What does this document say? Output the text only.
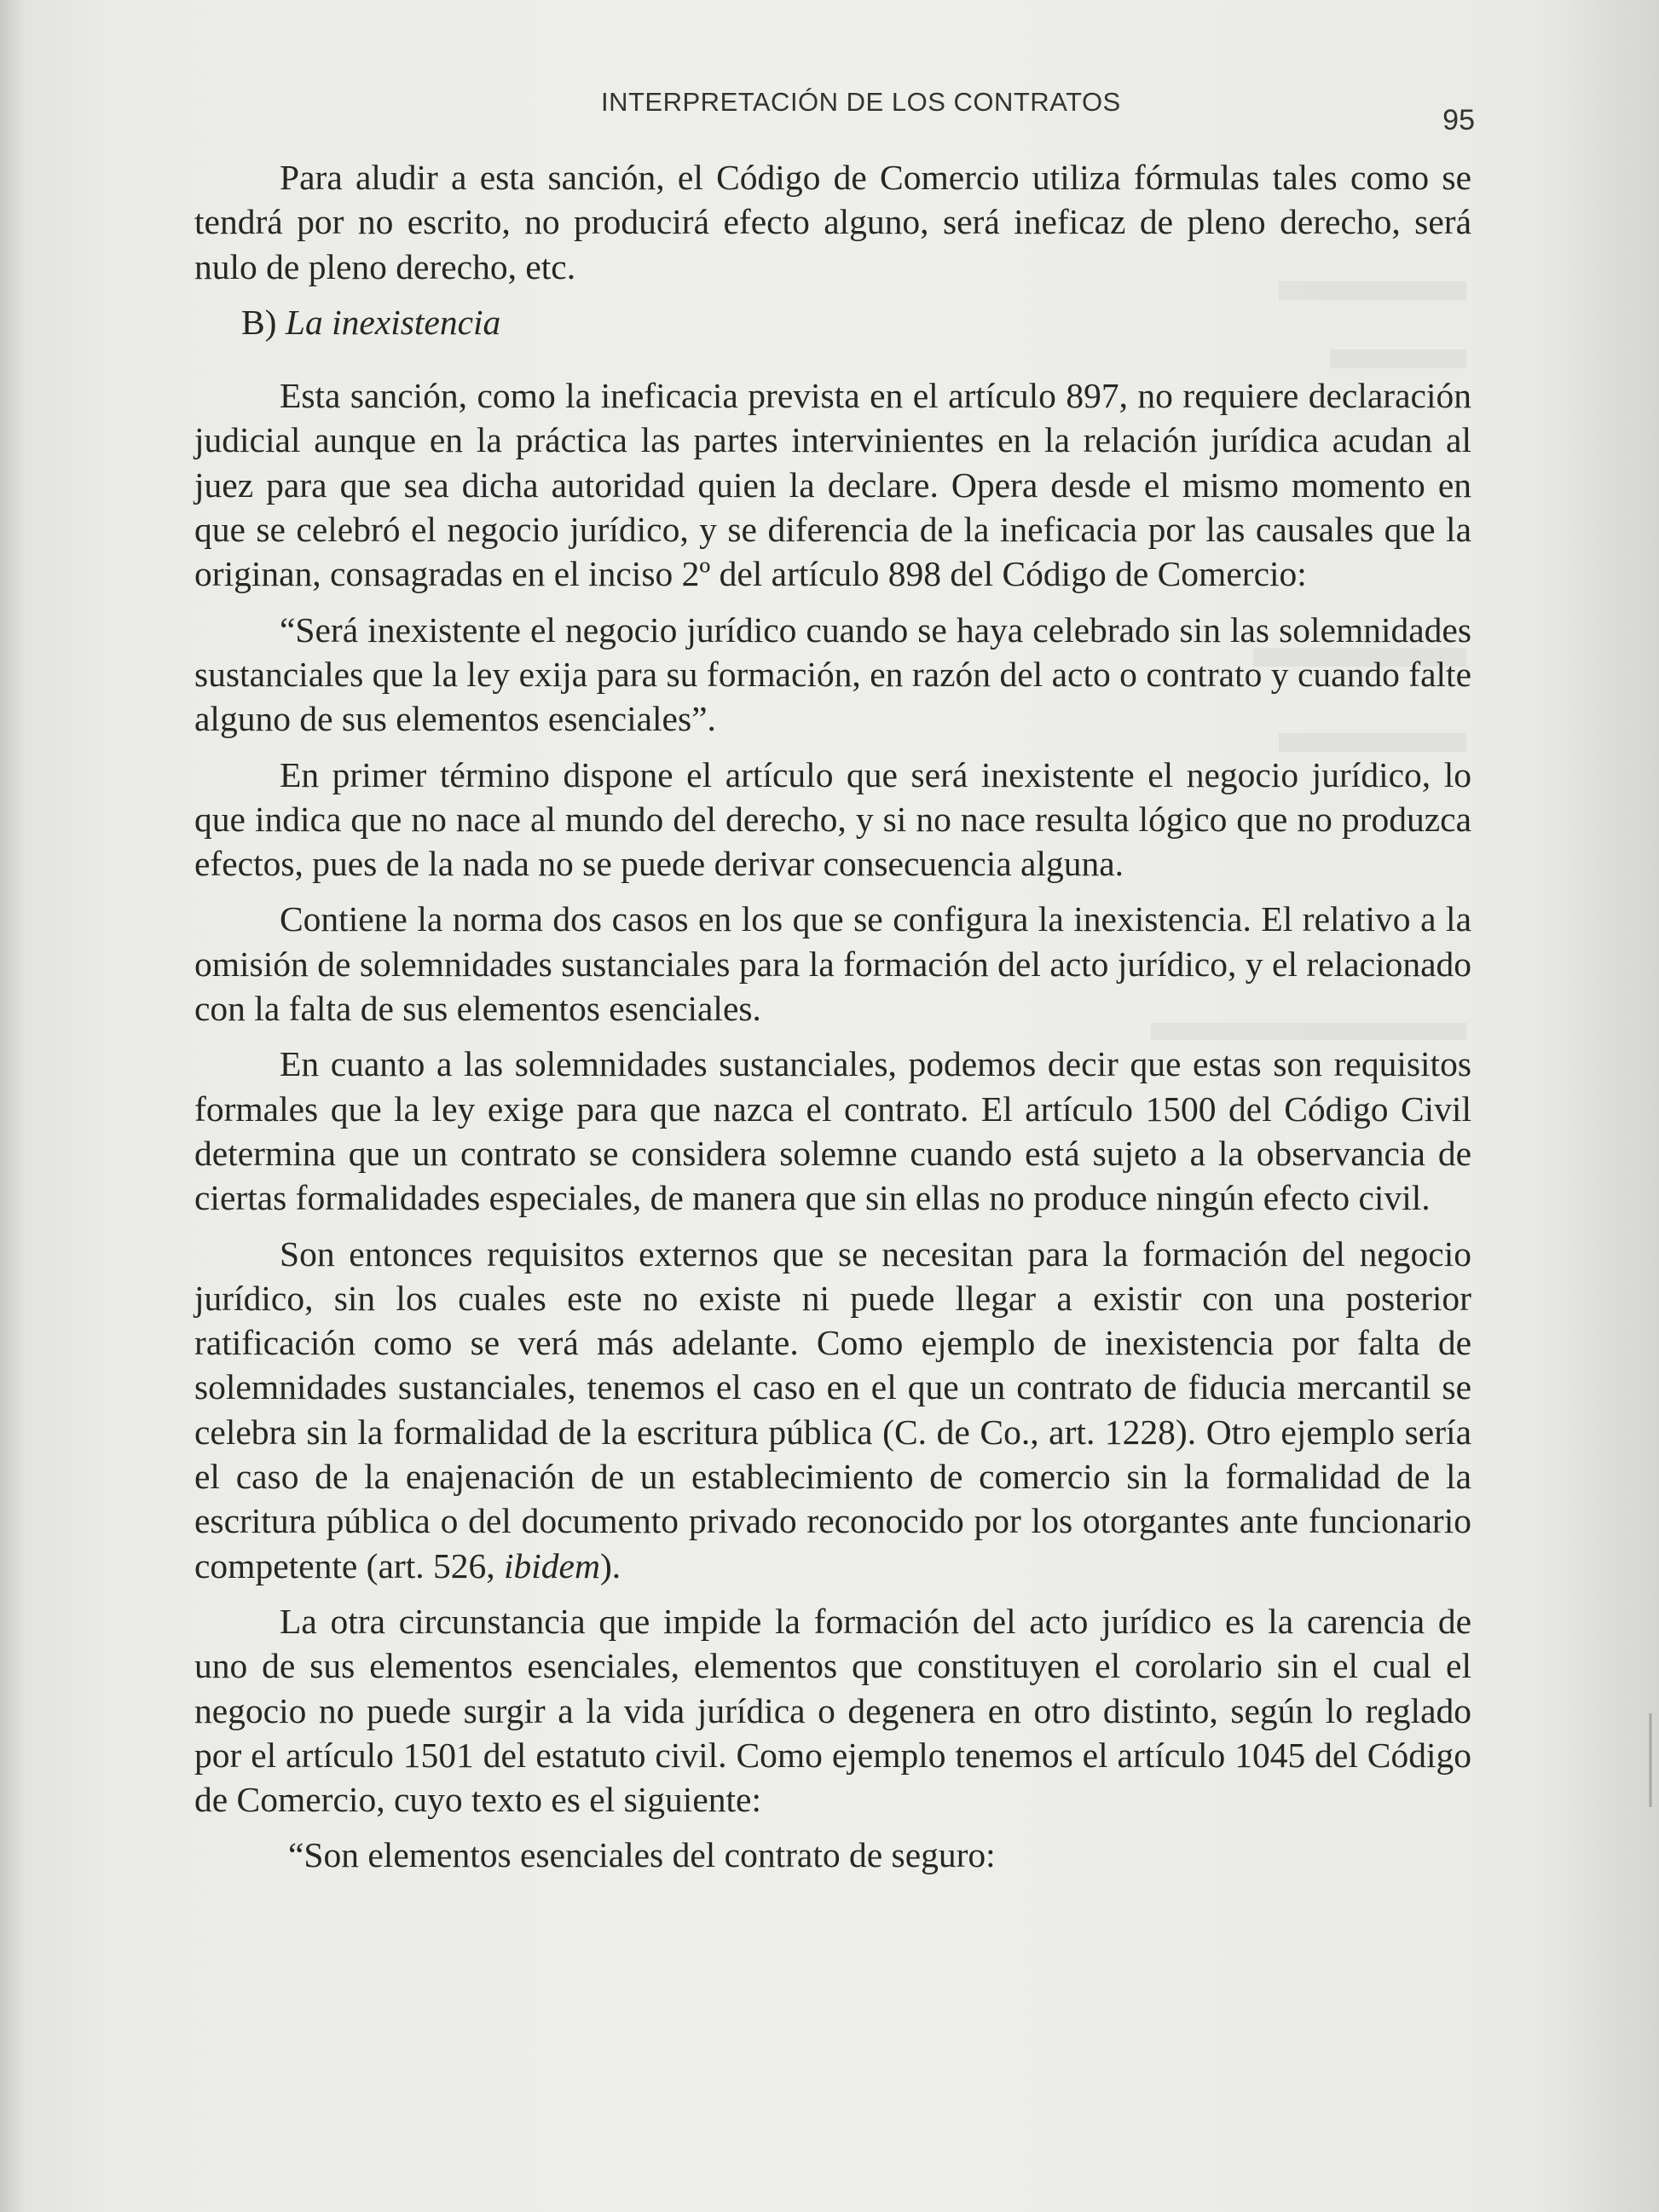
INTERPRETACIÓN DE LOS CONTRATOS
95

Para aludir a esta sanción, el Código de Comercio utiliza fórmulas tales como se tendrá por no escrito, no producirá efecto alguno, será ineficaz de pleno derecho, será nulo de pleno derecho, etc.

B) La inexistencia

Esta sanción, como la ineficacia prevista en el artículo 897, no requiere declaración judicial aunque en la práctica las partes intervinientes en la relación jurídica acudan al juez para que sea dicha autoridad quien la declare. Opera desde el mismo momento en que se celebró el negocio jurídico, y se diferencia de la ineficacia por las causales que la originan, consagradas en el inciso 2º del artículo 898 del Código de Comercio:

“Será inexistente el negocio jurídico cuando se haya celebrado sin las solemnidades sustanciales que la ley exija para su formación, en razón del acto o contrato y cuando falte alguno de sus elementos esenciales”.

En primer término dispone el artículo que será inexistente el negocio jurídico, lo que indica que no nace al mundo del derecho, y si no nace resulta lógico que no produzca efectos, pues de la nada no se puede derivar consecuencia alguna.

Contiene la norma dos casos en los que se configura la inexistencia. El relativo a la omisión de solemnidades sustanciales para la formación del acto jurídico, y el relacionado con la falta de sus elementos esenciales.

En cuanto a las solemnidades sustanciales, podemos decir que estas son requisitos formales que la ley exige para que nazca el contrato. El artículo 1500 del Código Civil determina que un contrato se considera solemne cuando está sujeto a la observancia de ciertas formalidades especiales, de manera que sin ellas no produce ningún efecto civil.

Son entonces requisitos externos que se necesitan para la formación del negocio jurídico, sin los cuales este no existe ni puede llegar a existir con una posterior ratificación como se verá más adelante. Como ejemplo de inexistencia por falta de solemnidades sustanciales, tenemos el caso en el que un contrato de fiducia mercantil se celebra sin la formalidad de la escritura pública (C. de Co., art. 1228). Otro ejemplo sería el caso de la enajenación de un establecimiento de comercio sin la formalidad de la escritura pública o del documento privado reconocido por los otorgantes ante funcionario competente (art. 526, ibidem).

La otra circunstancia que impide la formación del acto jurídico es la carencia de uno de sus elementos esenciales, elementos que constituyen el corolario sin el cual el negocio no puede surgir a la vida jurídica o degenera en otro distinto, según lo reglado por el artículo 1501 del estatuto civil. Como ejemplo tenemos el artículo 1045 del Código de Comercio, cuyo texto es el siguiente:

“Son elementos esenciales del contrato de seguro:
